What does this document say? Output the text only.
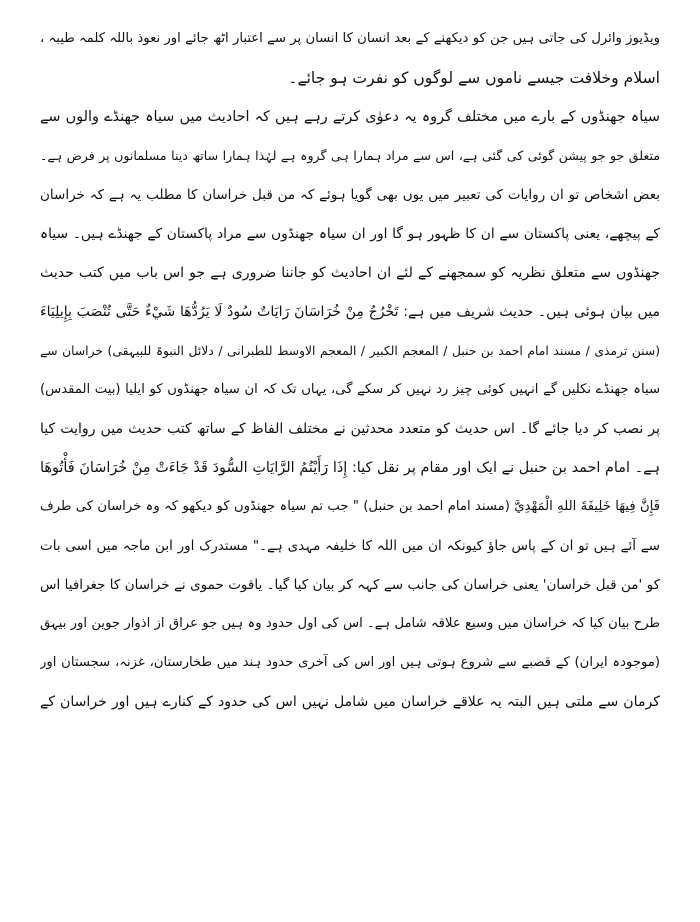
ویڈیوز وائرل کی جاتی ہیں جن کو دیکھنے کے بعد انسان کا انسان پر سے اعتبار اٹھ جائے اور نعوذ باللہ کلمہ طیبہ ،
اسلام وخلافت جیسے ناموں سے لوگوں کو نفرت ہو جائے۔
سیاہ جھنڈوں کے بارے میں مختلف گروہ یہ دعوٰی کرتے رہے ہیں کہ احادیث میں سیاہ جھنڈے والوں سے
متعلق جو جو پیشن گوئی کی گئی ہے، اس سے مراد ہمارا ہی گروہ ہے لہٰذا ہمارا ساتھ دینا مسلمانوں پر فرض ہے۔
بعض اشخاص تو ان روایات کی تعبیر میں یوں بھی گویا ہوئے کہ من قبل خراسان کا مطلب یہ ہے کہ خراسان
کے پیچھے، یعنی پاکستان سے ان کا ظہور ہو گا اور ان سیاہ جھنڈوں سے مراد پاکستان کے جھنڈے ہیں۔ سیاہ
جھنڈوں سے متعلق نظریہ کو سمجھنے کے لئے ان احادیث کو جاننا ضروری ہے جو اس باب میں کتب حدیث
میں بیان ہوئی ہیں۔ حدیث شریف میں ہے: تَخْرُجُ مِنْ خُرَاسَانَ رَايَاتٌ سُودٌ لَا يَرُدُّهَا شَيْءٌ حَتَّى تُنْصَبَ بِإِيلِيَاءَ
(سنن ترمذی / مسند امام احمد بن حنبل / المعجم الکبیر / المعجم الاوسط للطبرانی / دلائل النبوۃ للبیہقی) خراسان سے
سیاہ جھنڈے نکلیں گے انہیں کوئی چیز رد نہیں کر سکے گی، یہاں تک کہ ان سیاہ جھنڈوں کو ایلیا (بیت المقدس)
پر نصب کر دیا جائے گا۔ اس حدیث کو متعدد محدثین نے مختلف الفاظ کے ساتھ کتب حدیث میں روایت کیا
ہے۔ امام احمد بن حنبل نے ایک اور مقام پر نقل کیا: إِذَا رَأَيْتُمُ الرَّايَاتِ السُّودَ قَدْ جَاءَتْ مِنْ خُرَاسَانَ فَأْتُوهَا
فَإِنَّ فِيهَا خَلِيفَةَ اللهِ الْمَهْدِيَّ (مسند امام احمد بن حنبل) " جب تم سیاہ جھنڈوں کو دیکھو کہ وہ خراسان کی طرف
سے آئے ہیں تو ان کے پاس جاؤ کیونکہ ان میں اللہ کا خلیفہ مہدی ہے۔" مستدرک اور ابن ماجہ میں اسی بات
کو 'من قبل خراسان' یعنی خراسان کی جانب سے کہہ کر بیان کیا گیا۔ یاقوت حموی نے خراسان کا جغرافیا اس
طرح بیان کیا کہ خراسان میں وسیع علاقہ شامل ہے۔ اس کی اول حدود وہ ہیں جو عراق از اذوار جوین اور بیہق
(موجودہ ایران) کے قصبے سے شروع ہوتی ہیں اور اس کی آخری حدود ہند میں طخارستان، غزنہ، سجستان اور
کرمان سے ملتی ہیں البتہ یہ علاقے خراسان میں شامل نہیں اس کی حدود کے کنارے ہیں اور خراسان کے
